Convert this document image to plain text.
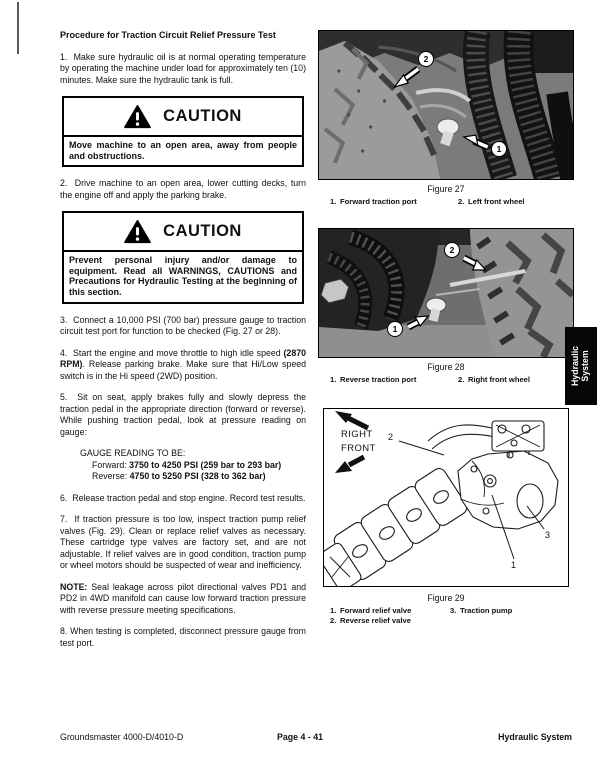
Procedure for Traction Circuit Relief Pressure Test

1.  Make sure hydraulic oil is at normal operating temperature by operating the machine under load for approximately ten (10) minutes. Make sure the hydraulic tank is full.

CAUTION
Move machine to an open area, away from people and obstructions.

2.  Drive machine to an open area, lower cutting decks, turn the engine off and apply the parking brake.

CAUTION
Prevent personal injury and/or damage to equipment. Read all WARNINGS, CAUTIONS and Precautions for Hydraulic Testing at the beginning of this section.

3.  Connect a 10,000 PSI (700 bar) pressure gauge to traction circuit test port for function to be checked (Fig. 27 or 28).

4.  Start the engine and move throttle to high idle speed (2870 RPM). Release parking brake. Make sure that Hi/Low speed switch is in the Hi speed (2WD) position.

5.  Sit on seat, apply brakes fully and slowly depress the traction pedal in the appropriate direction (forward or reverse). While pushing traction pedal, look at pressure reading on gauge:

GAUGE READING TO BE:
Forward: 3750 to 4250 PSI (259 bar to 293 bar)
Reverse: 4750 to 5250 PSI (328 to 362 bar)

6.  Release traction pedal and stop engine. Record test results.

7.  If traction pressure is too low, inspect traction pump relief valves (Fig. 29). Clean or replace relief valves as necessary. These cartridge type valves are factory set, and are not adjustable. If relief valves are in good condition, traction pump or wheel motors should be suspected of wear and inefficiency.

NOTE: Seal leakage across pilot directional valves PD1 and PD2 in 4WD manifold can cause low forward traction pressure with reverse pressure meeting specifications.

8. When testing is completed, disconnect pressure gauge from test port.

2
1
Figure 27
1. Forward traction port	2. Left front wheel
2
1
Figure 28
1. Reverse traction port	2. Right front wheel
RIGHT
FRONT
2
1
3
Figure 29
1. Forward relief valve
2. Reverse relief valve
3. Traction pump
Hydraulic System
Groundsmaster 4000-D/4010-D	Page 4 - 41	Hydraulic System
